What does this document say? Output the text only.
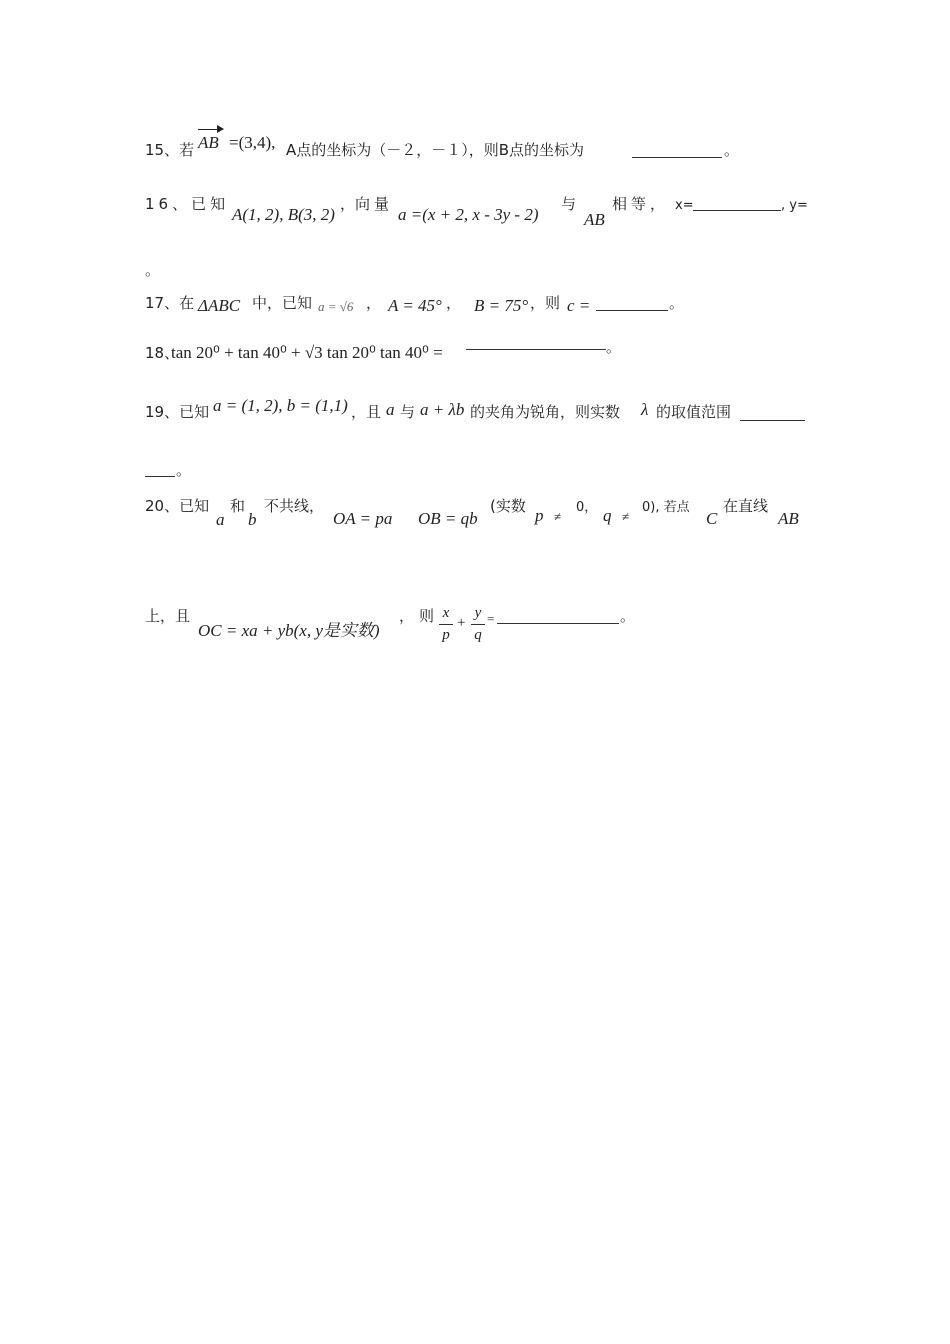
15、若 AB =(3,4), A点的坐标为（－２，－１），则B点的坐标为	。
16、已知
A(1, 2), B(3, 2)
， 向量
a =(x + 2, x - 3y - 2)
与
AB
相等， x=	, y=
。
17、在 ΔABC 中，已知 a = √6 ， A = 45° ， B = 75° ，则 c =	。
18、
tan 20⁰ + tan 40⁰ + √3 tan 20⁰ tan 40⁰ =	。
19、已知 a = (1, 2), b = (1,1) ，且 a 与 a + λb 的夹角为锐角，则实数 λ 的取值范围
。
20、已知
a
和
b
不共线，
OA = pa OB = qb
(实数 p ≠
0， q ≠
0), 若点
C
在直线
AB
上，且
OC = xa + yb(x, y是实数)
， 则 x
p
+
y
q
=	。
